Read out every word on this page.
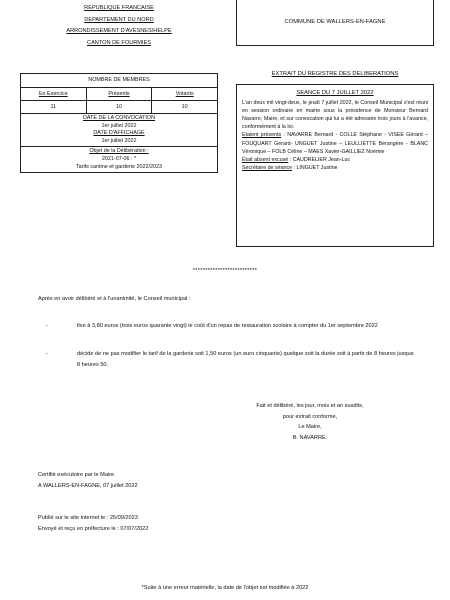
REPUBLIQUE FRANCAISE
DEPARTEMENT DU NORD
ARRONDISSEMENT D'AVESNES/HELPE
CANTON DE FOURMIES
COMMUNE DE WALLERS-EN-FAGNE
NOMBRE DE MEMBRES
En Exercice	Présents	Votants
11	10	10
DATE DE LA CONVOCATION
1er juillet 2022
DATE D'AFFICHAGE
1er juillet 2022
Objet de la Délibération :
2021-07-06 : *
Tarifs cantine et garderie 2022/2023
EXTRAIT DU REGISTRE DES DELIBERATIONS
SEANCE DU 7 JUILLET 2022
L'an deux mil vingt-deux, le jeudi 7 juillet 2022, le Conseil Municipal s'est réuni en session ordinaire en mairie sous la présidence de Monsieur Bernard Navarre, Maire, et sur convocation qui lui a été adressée trois jours à l'avance, conformément à la loi.
Etaient présents : NAVARRE Bernard - COLLE Stéphane - VISEE Gérard –FOUQUART Gérard- UNGUET Justine – LEULLIETTE Bérangère - BLANC Véronique – FOLB Céline – MAES Xavier-GAILLIEZ Noémie
Était absent excusé : CAUDRELIER Jean-Luc
Secrétaire de séance : LINGUET Justine
**************************
Après en avoir délibéré et à l'unanimité, le Conseil municipal :
-	fixe à 3,80 euros (trois euros quarante vingt) le coût d'un repas de restauration scolaire à compter du 1er septembre 2022
-	décide de ne pas modifier le tarif de la garderie soit 1,50 euros (un euro cinquante) quelque soit la durée soit à partir de 8 heures jusque 8 heures 50.
Fait et délibéré, les jour, mois et an susdits,
pour extrait conforme,
Le Maire,
B. NAVARRE.
Certifié exécutoire par le Maire
A WALLERS-EN-FAGNE, 07 juillet 2022
Publié sur le site internet le : 25/09/2023
Envoyé et reçu en préfecture le : 07/07/2022
*Suite à une erreur matérielle, la date de l'objet est modifiée à 2022
